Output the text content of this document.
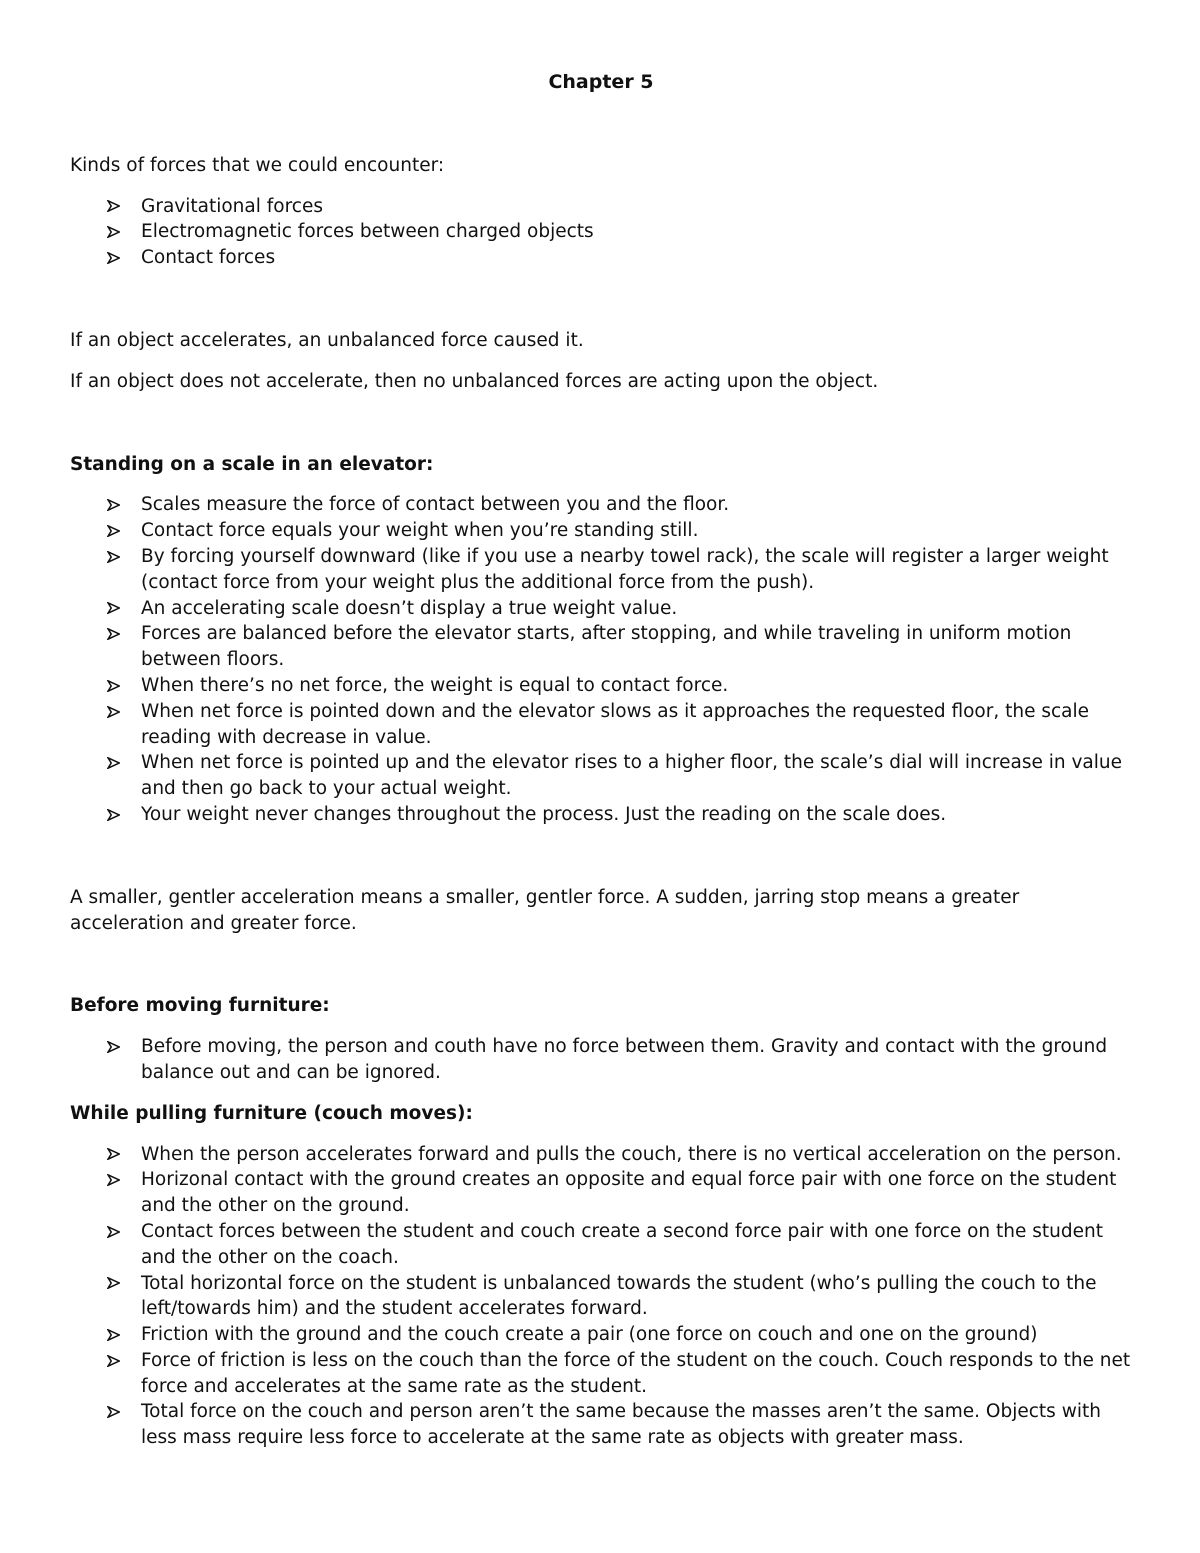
Chapter 5

Kinds of forces that we could encounter:

Gravitational forces
Electromagnetic forces between charged objects
Contact forces

If an object accelerates, an unbalanced force caused it.

If an object does not accelerate, then no unbalanced forces are acting upon the object.

Standing on a scale in an elevator:

Scales measure the force of contact between you and the floor.
Contact force equals your weight when you’re standing still.
By forcing yourself downward (like if you use a nearby towel rack), the scale will register a larger weight (contact force from your weight plus the additional force from the push).
An accelerating scale doesn’t display a true weight value.
Forces are balanced before the elevator starts, after stopping, and while traveling in uniform motion between floors.
When there’s no net force, the weight is equal to contact force.
When net force is pointed down and the elevator slows as it approaches the requested floor, the scale reading with decrease in value.
When net force is pointed up and the elevator rises to a higher floor, the scale’s dial will increase in value and then go back to your actual weight.
Your weight never changes throughout the process. Just the reading on the scale does.

A smaller, gentler acceleration means a smaller, gentler force. A sudden, jarring stop means a greater acceleration and greater force.

Before moving furniture:

Before moving, the person and couth have no force between them. Gravity and contact with the ground balance out and can be ignored.

While pulling furniture (couch moves):

When the person accelerates forward and pulls the couch, there is no vertical acceleration on the person.
Horizonal contact with the ground creates an opposite and equal force pair with one force on the student and the other on the ground.
Contact forces between the student and couch create a second force pair with one force on the student and the other on the coach.
Total horizontal force on the student is unbalanced towards the student (who’s pulling the couch to the left/towards him) and the student accelerates forward.
Friction with the ground and the couch create a pair (one force on couch and one on the ground)
Force of friction is less on the couch than the force of the student on the couch. Couch responds to the net force and accelerates at the same rate as the student.
Total force on the couch and person aren’t the same because the masses aren’t the same. Objects with less mass require less force to accelerate at the same rate as objects with greater mass.
